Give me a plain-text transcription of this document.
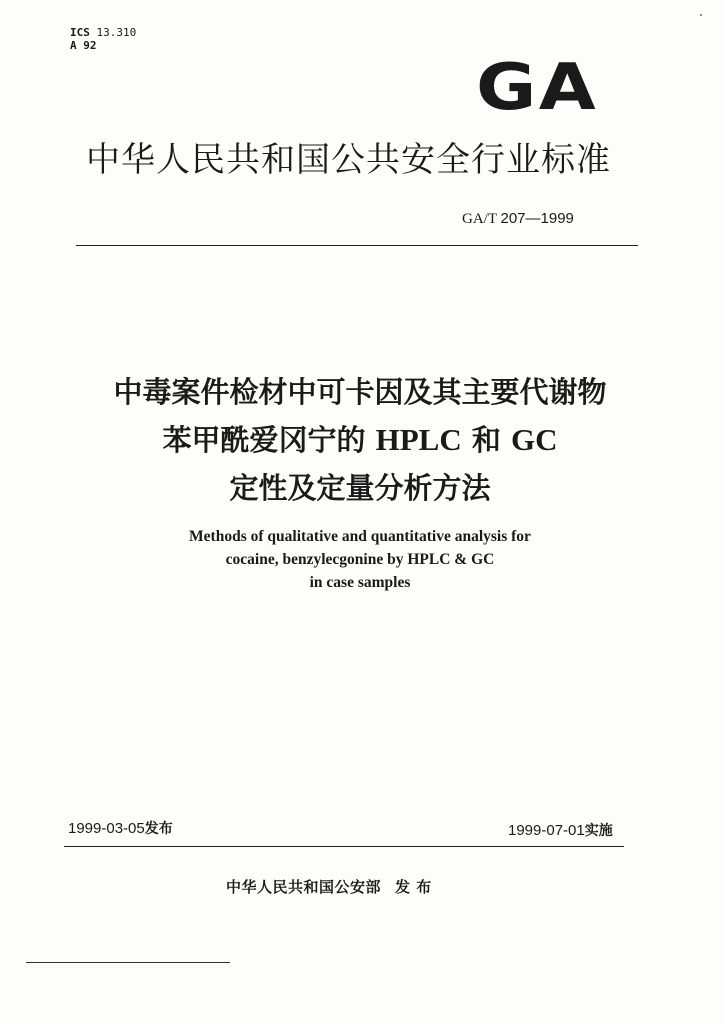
ICS 13.310
A 92
GA
中华人民共和国公共安全行业标准
GA/T 207—1999
中毒案件检材中可卡因及其主要代谢物
苯甲酰爱冈宁的 HPLC 和 GC
定性及定量分析方法
Methods of qualitative and quantitative analysis for
cocaine, benzylecgonine by HPLC & GC
in case samples
1999-03-05发布	1999-07-01实施
中华人民共和国公安部 发 布
